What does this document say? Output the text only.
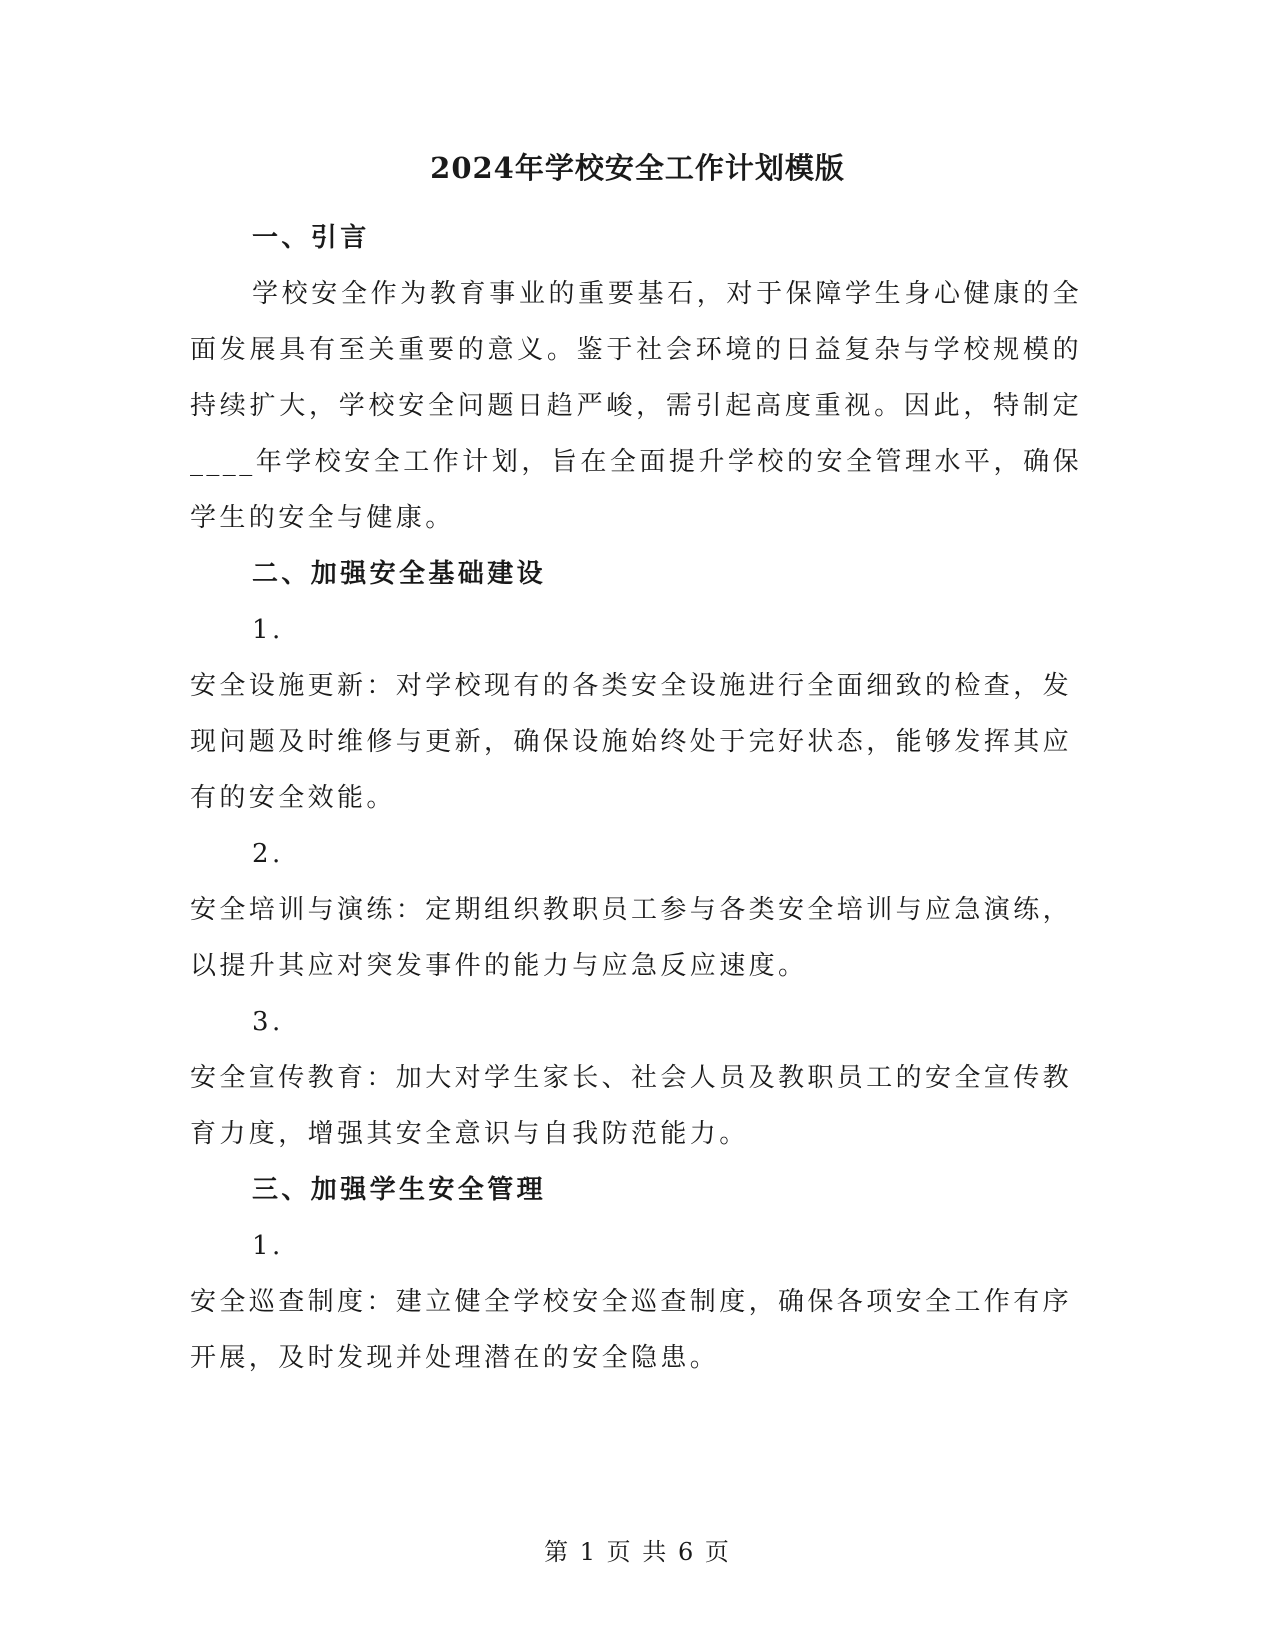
2024年学校安全工作计划模版

一、引言

学校安全作为教育事业的重要基石，对于保障学生身心健康的全面发展具有至关重要的意义。鉴于社会环境的日益复杂与学校规模的持续扩大，学校安全问题日趋严峻，需引起高度重视。因此，特制定____年学校安全工作计划，旨在全面提升学校的安全管理水平，确保学生的安全与健康。

二、加强安全基础建设

1.

安全设施更新：对学校现有的各类安全设施进行全面细致的检查，发现问题及时维修与更新，确保设施始终处于完好状态，能够发挥其应有的安全效能。

2.

安全培训与演练：定期组织教职员工参与各类安全培训与应急演练，以提升其应对突发事件的能力与应急反应速度。

3.

安全宣传教育：加大对学生家长、社会人员及教职员工的安全宣传教育力度，增强其安全意识与自我防范能力。

三、加强学生安全管理

1.

安全巡查制度：建立健全学校安全巡查制度，确保各项安全工作有序开展，及时发现并处理潜在的安全隐患。

第 1 页 共 6 页
